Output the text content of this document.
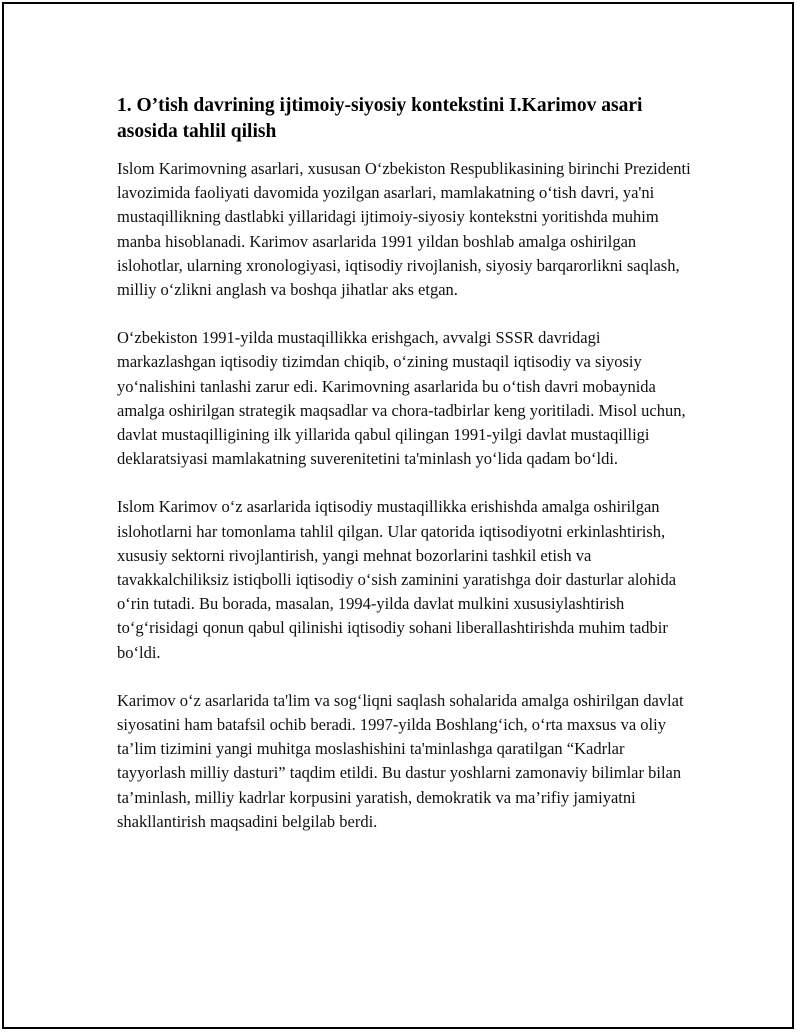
1. O’tish davrining ijtimoiy-siyosiy kontekstini I.Karimov asari asosida tahlil qilish

Islom Karimovning asarlari, xususan O‘zbekiston Respublikasining birinchi Prezidenti lavozimida faoliyati davomida yozilgan asarlari, mamlakatning o‘tish davri, ya'ni mustaqillikning dastlabki yillaridagi ijtimoiy-siyosiy kontekstni yoritishda muhim manba hisoblanadi. Karimov asarlarida 1991 yildan boshlab amalga oshirilgan islohotlar, ularning xronologiyasi, iqtisodiy rivojlanish, siyosiy barqarorlikni saqlash, milliy o‘zlikni anglash va boshqa jihatlar aks etgan.

O‘zbekiston 1991-yilda mustaqillikka erishgach, avvalgi SSSR davridagi markazlashgan iqtisodiy tizimdan chiqib, o‘zining mustaqil iqtisodiy va siyosiy yo‘nalishini tanlashi zarur edi. Karimovning asarlarida bu o‘tish davri mobaynida amalga oshirilgan strategik maqsadlar va chora-tadbirlar keng yoritiladi. Misol uchun, davlat mustaqilligining ilk yillarida qabul qilingan 1991-yilgi davlat mustaqilligi deklaratsiyasi mamlakatning suverenitetini ta'minlash yo‘lida qadam bo‘ldi.

Islom Karimov o‘z asarlarida iqtisodiy mustaqillikka erishishda amalga oshirilgan islohotlarni har tomonlama tahlil qilgan. Ular qatorida iqtisodiyotni erkinlashtirish, xususiy sektorni rivojlantirish, yangi mehnat bozorlarini tashkil etish va tavakkalchiliksiz istiqbolli iqtisodiy o‘sish zaminini yaratishga doir dasturlar alohida o‘rin tutadi. Bu borada, masalan, 1994-yilda davlat mulkini xususiylashtirish to‘g‘risidagi qonun qabul qilinishi iqtisodiy sohani liberallashtirishda muhim tadbir bo‘ldi.

Karimov o‘z asarlarida ta'lim va sog‘liqni saqlash sohalarida amalga oshirilgan davlat siyosatini ham batafsil ochib beradi. 1997-yilda Boshlang‘ich, o‘rta maxsus va oliy ta’lim tizimini yangi muhitga moslashishini ta'minlashga qaratilgan “Kadrlar tayyorlash milliy dasturi” taqdim etildi. Bu dastur yoshlarni zamonaviy bilimlar bilan ta’minlash, milliy kadrlar korpusini yaratish, demokratik va ma’rifiy jamiyatni shakllantirish maqsadini belgilab berdi.
